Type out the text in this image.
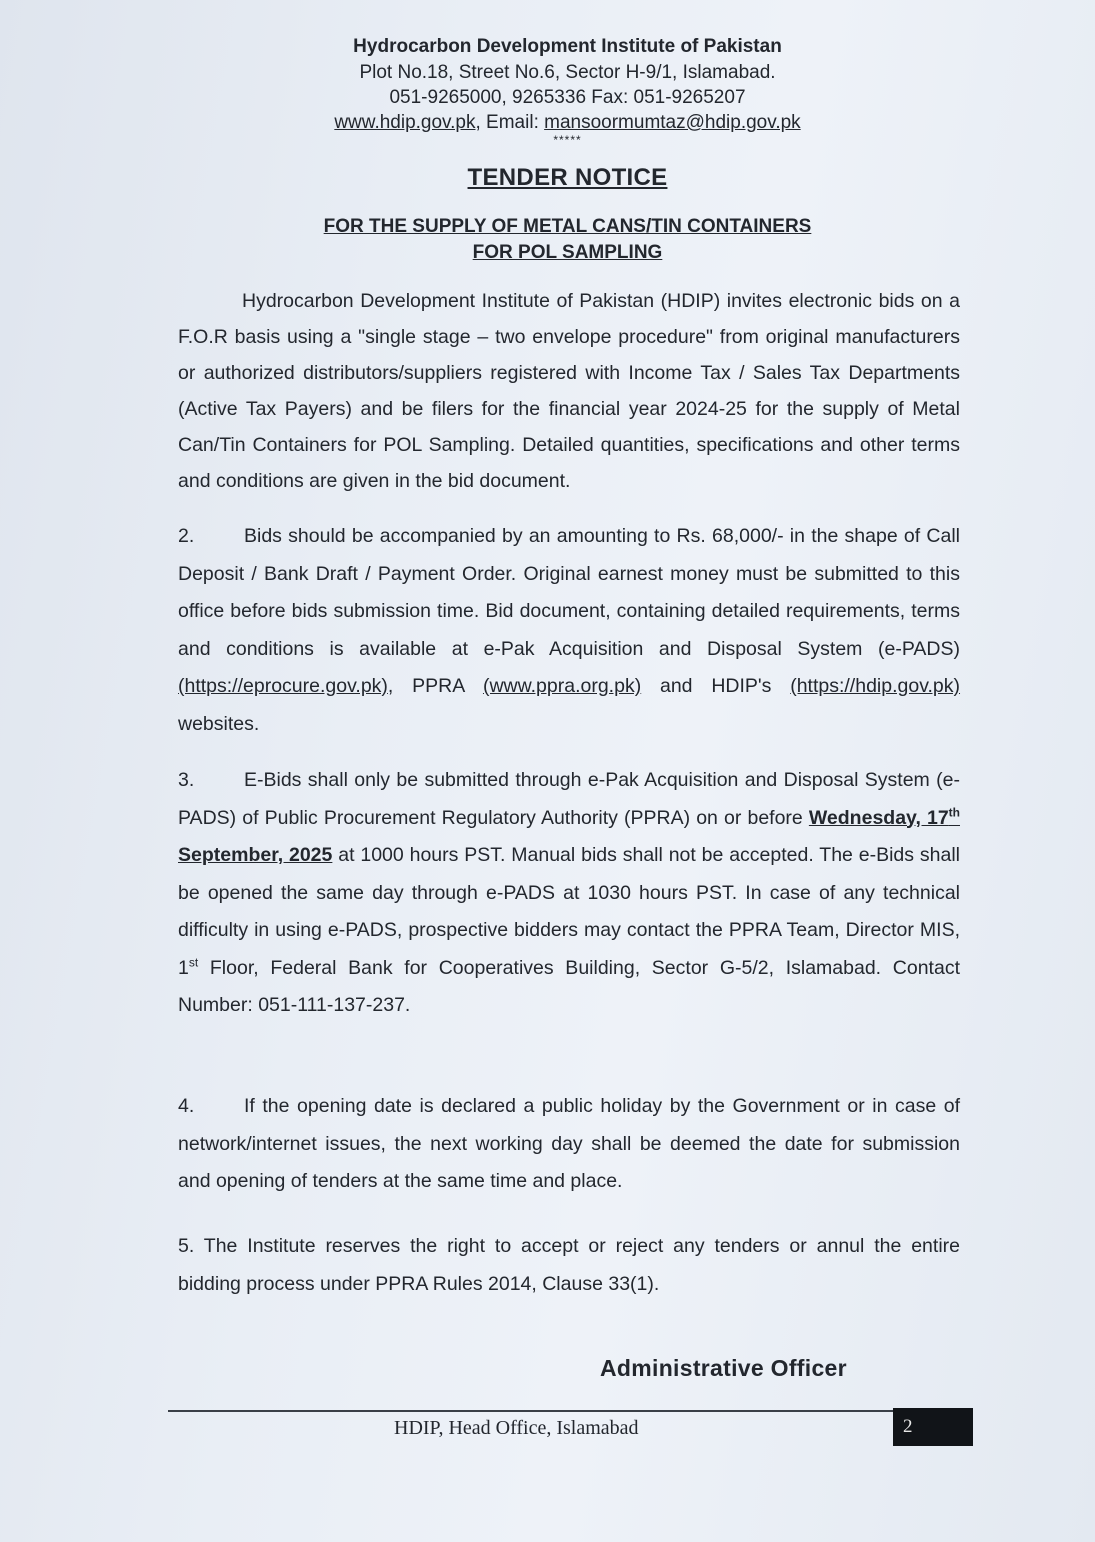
Hydrocarbon Development Institute of Pakistan
Plot No.18, Street No.6, Sector H-9/1, Islamabad.
051-9265000, 9265336 Fax: 051-9265207
www.hdip.gov.pk, Email: mansoormumtaz@hdip.gov.pk
*****
TENDER NOTICE
FOR THE SUPPLY OF METAL CANS/TIN CONTAINERS
FOR POL SAMPLING
Hydrocarbon Development Institute of Pakistan (HDIP) invites electronic bids on a F.O.R basis using a "single stage – two envelope procedure" from original manufacturers or authorized distributors/suppliers registered with Income Tax / Sales Tax Departments (Active Tax Payers) and be filers for the financial year 2024-25 for the supply of Metal Can/Tin Containers for POL Sampling. Detailed quantities, specifications and other terms and conditions are given in the bid document.
2.	Bids should be accompanied by an amounting to Rs. 68,000/- in the shape of Call Deposit / Bank Draft / Payment Order. Original earnest money must be submitted to this office before bids submission time. Bid document, containing detailed requirements, terms and conditions is available at e-Pak Acquisition and Disposal System (e-PADS) (https://eprocure.gov.pk), PPRA (www.ppra.org.pk) and HDIP's (https://hdip.gov.pk) websites.
3.	E-Bids shall only be submitted through e-Pak Acquisition and Disposal System (e-PADS) of Public Procurement Regulatory Authority (PPRA) on or before Wednesday, 17th September, 2025 at 1000 hours PST. Manual bids shall not be accepted. The e-Bids shall be opened the same day through e-PADS at 1030 hours PST. In case of any technical difficulty in using e-PADS, prospective bidders may contact the PPRA Team, Director MIS, 1st Floor, Federal Bank for Cooperatives Building, Sector G-5/2, Islamabad. Contact Number: 051-111-137-237.
4.	If the opening date is declared a public holiday by the Government or in case of network/internet issues, the next working day shall be deemed the date for submission and opening of tenders at the same time and place.
5. The Institute reserves the right to accept or reject any tenders or annul the entire bidding process under PPRA Rules 2014, Clause 33(1).
Administrative Officer
HDIP, Head Office, Islamabad	2
